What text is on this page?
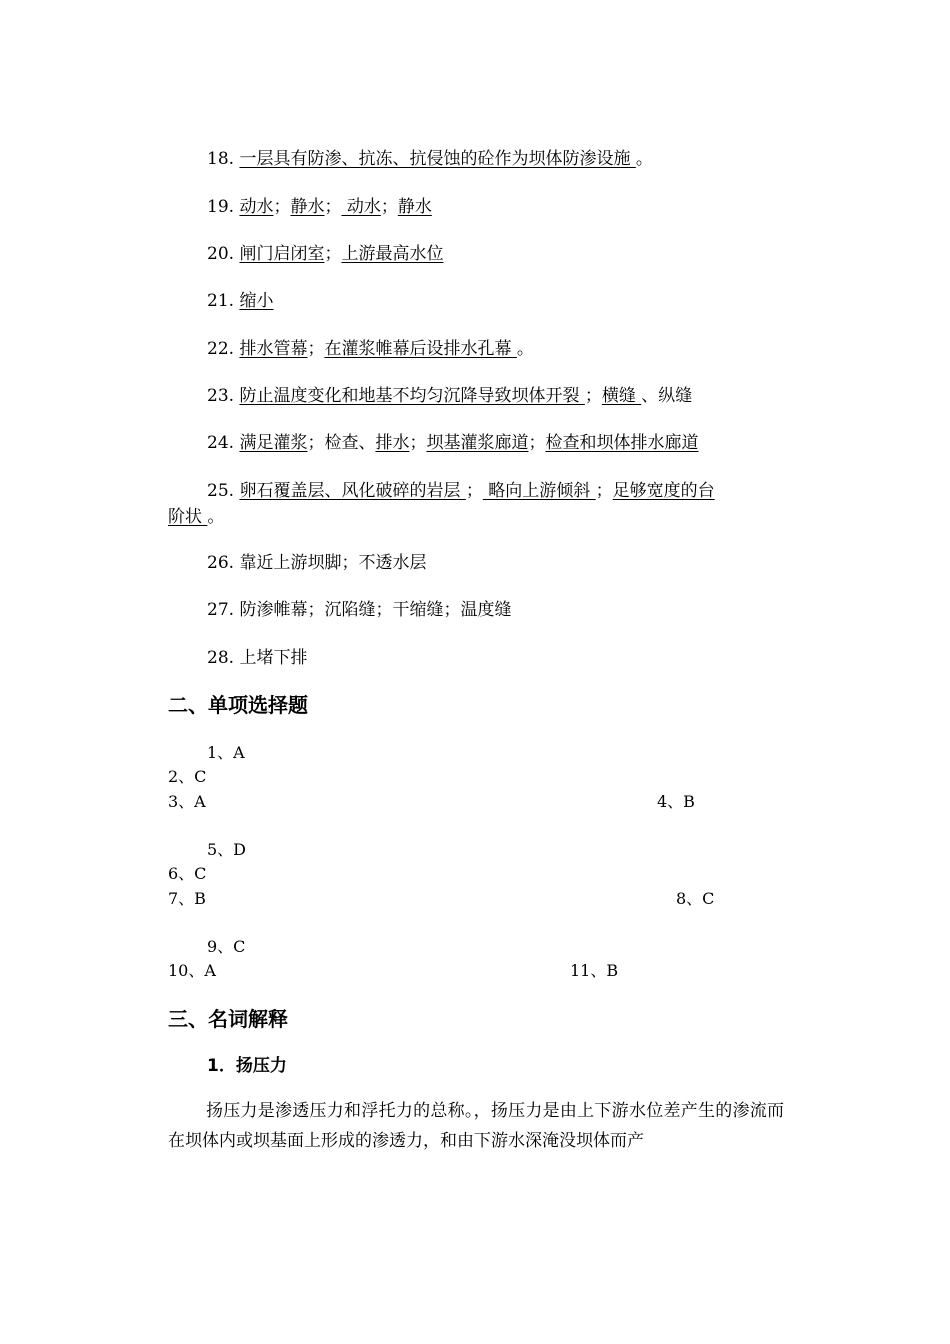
18. 一层具有防渗、抗冻、抗侵蚀的砼作为坝体防渗设施 。
19. 动水；静水； 动水；静水
20. 闸门启闭室；上游最高水位
21. 缩小
22. 排水管幕；在灌浆帷幕后设排水孔幕 。
23. 防止温度变化和地基不均匀沉降导致坝体开裂 ；横缝 、纵缝
24. 满足灌浆；检查、排水；坝基灌浆廊道；检查和坝体排水廊道
25. 卵石覆盖层、风化破碎的岩层 ； 略向上游倾斜 ；足够宽度的台
阶状 。
26. 靠近上游坝脚；不透水层
27. 防渗帷幕；沉陷缝；干缩缝；温度缝
28. 上堵下排
二、单项选择题
1、A
2、C
3、A	4、B
5、D
6、C
7、B	8、C
9、C
10、A	11、B
三、名词解释
1．扬压力

扬压力是渗透压力和浮托力的总称。，扬压力是由上下游水位差产生的渗流而在坝体内或坝基面上形成的渗透力，和由下游水深淹没坝体而产
